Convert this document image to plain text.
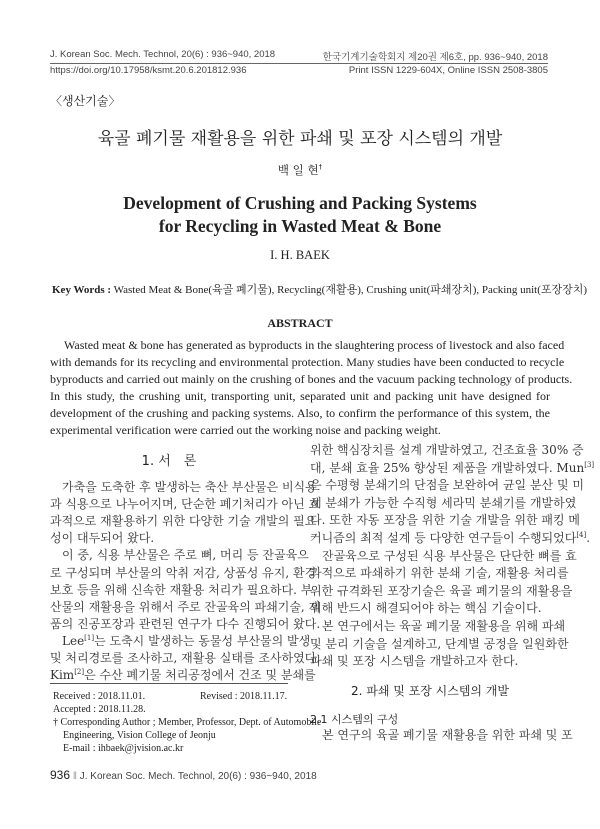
J. Korean Soc. Mech. Technol, 20(6) : 936~940, 2018	한국기계기술학회지 제20권 제6호, pp. 936~940, 2018
https://doi.org/10.17958/ksmt.20.6.201812.936	Print ISSN 1229-604X, Online ISSN 2508-3805
〈생산기술〉
육골 폐기물 재활용을 위한 파쇄 및 포장 시스템의 개발
백 일 현†
Development of Crushing and Packing Systems
for Recycling in Wasted Meat & Bone
I. H. BAEK
Key Words : Wasted Meat & Bone(육골 폐기물), Recycling(재활용), Crushing unit(파쇄장치), Packing unit(포장장치)
ABSTRACT
Wasted meat & bone has generated as byproducts in the slaughtering process of livestock and also faced
with demands for its recycling and environmental protection. Many studies have been conducted to recycle
byproducts and carried out mainly on the crushing of bones and the vacuum packing technology of products.
In this study, the crushing unit, transporting unit, separated unit and packing unit have designed for
development of the crushing and packing systems. Also, to confirm the performance of this system, the
experimental verification were carried out the working noise and packing weight.
1. 서　론
가축을 도축한 후 발생하는 축산 부산물은 비식용
과 식용으로 나누어지며, 단순한 폐기처리가 아닌 효
과적으로 재활용하기 위한 다양한 기술 개발의 필요
성이 대두되어 왔다.
이 중, 식용 부산물은 주로 뼈, 머리 등 잔골육으
로 구성되며 부산물의 악취 저감, 상품성 유지, 환경
보호 등을 위해 신속한 재활용 처리가 필요하다. 부
산물의 재활용을 위해서 주로 잔골육의 파쇄기술, 제
품의 진공포장과 관련된 연구가 다수 진행되어 왔다.
Lee[1]는 도축시 발생하는 동물성 부산물의 발생
및 처리경로를 조사하고, 재활용 실태를 조사하였다.
Kim[2]은 수산 폐기물 처리공정에서 건조 및 분쇄를
위한 핵심장치를 설계 개발하였고, 건조효율 30% 증
대, 분쇄 효율 25% 향상된 제품을 개발하였다. Mun[3]
은 수평형 분쇄기의 단점을 보완하여 균일 분산 및 미
세 분쇄가 가능한 수직형 세라믹 분쇄기를 개발하였
다. 또한 자동 포장을 위한 기술 개발을 위한 패킹 메
커니즘의 최적 설계 등 다양한 연구들이 수행되었다[4].
잔골육으로 구성된 식용 부산물은 단단한 뼈를 효
과적으로 파쇄하기 위한 분쇄 기술, 재활용 처리를
위한 규격화된 포장기술은 육골 폐기물의 재활용을
위해 반드시 해결되어야 하는 핵심 기술이다.
본 연구에서는 육골 폐기물 재활용을 위해 파쇄
및 분리 기술을 설계하고, 단계별 공정을 일원화한
파쇄 및 포장 시스템을 개발하고자 한다.
2. 파쇄 및 포장 시스템의 개발
2.1 시스템의 구성
본 연구의 육골 폐기물 재활용을 위한 파쇄 및 포
Received : 2018.11.01.	Revised : 2018.11.17.
Accepted : 2018.11.28.
† Corresponding Author ; Member, Professor, Dept. of Automobile
Engineering, Vision College of Jeonju
E-mail : ihbaek@jvision.ac.kr
936 ‖ J. Korean Soc. Mech. Technol, 20(6) : 936~940, 2018
